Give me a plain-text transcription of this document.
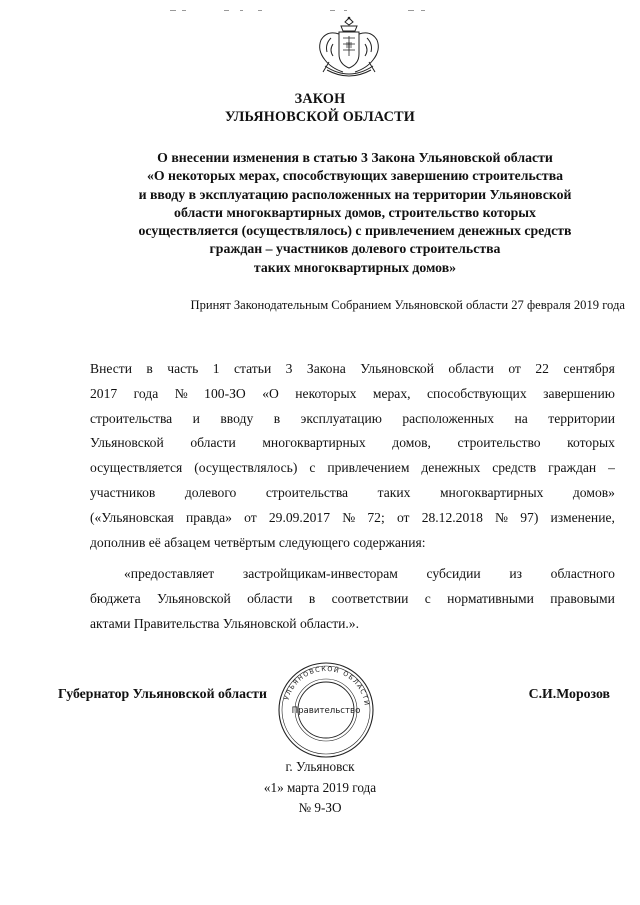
ЗАКОН
УЛЬЯНОВСКОЙ ОБЛАСТИ
О внесении изменения в статью 3 Закона Ульяновской области
«О некоторых мерах, способствующих завершению строительства
и вводу в эксплуатацию расположенных на территории Ульяновской
области многоквартирных домов, строительство которых
осуществляется (осуществлялось) с привлечением денежных средств
граждан – участников долевого строительства
таких многоквартирных домов»
Принят Законодательным Собранием Ульяновской области 27 февраля 2019 года
Внести в часть 1 статьи 3 Закона Ульяновской области от 22 сентября
2017 года № 100-ЗО «О некоторых мерах, способствующих завершению
строительства и вводу в эксплуатацию расположенных на территории
Ульяновской области многоквартирных домов, строительство которых
осуществляется (осуществлялось) с привлечением денежных средств граждан –
участников долевого строительства таких многоквартирных домов»
(«Ульяновская правда» от 29.09.2017 № 72; от 28.12.2018 № 97) изменение,
дополнив её абзацем четвёртым следующего содержания:
«предоставляет застройщикам-инвесторам субсидии из областного
бюджета Ульяновской области в соответствии с нормативными правовыми
актами Правительства Ульяновской области.».
Губернатор Ульяновской области	С.И.Морозов
УЛЬЯНОВСКОЙ ОБЛАСТИ
Правительство
г. Ульяновск
«1» марта 2019 года
№ 9-ЗО
